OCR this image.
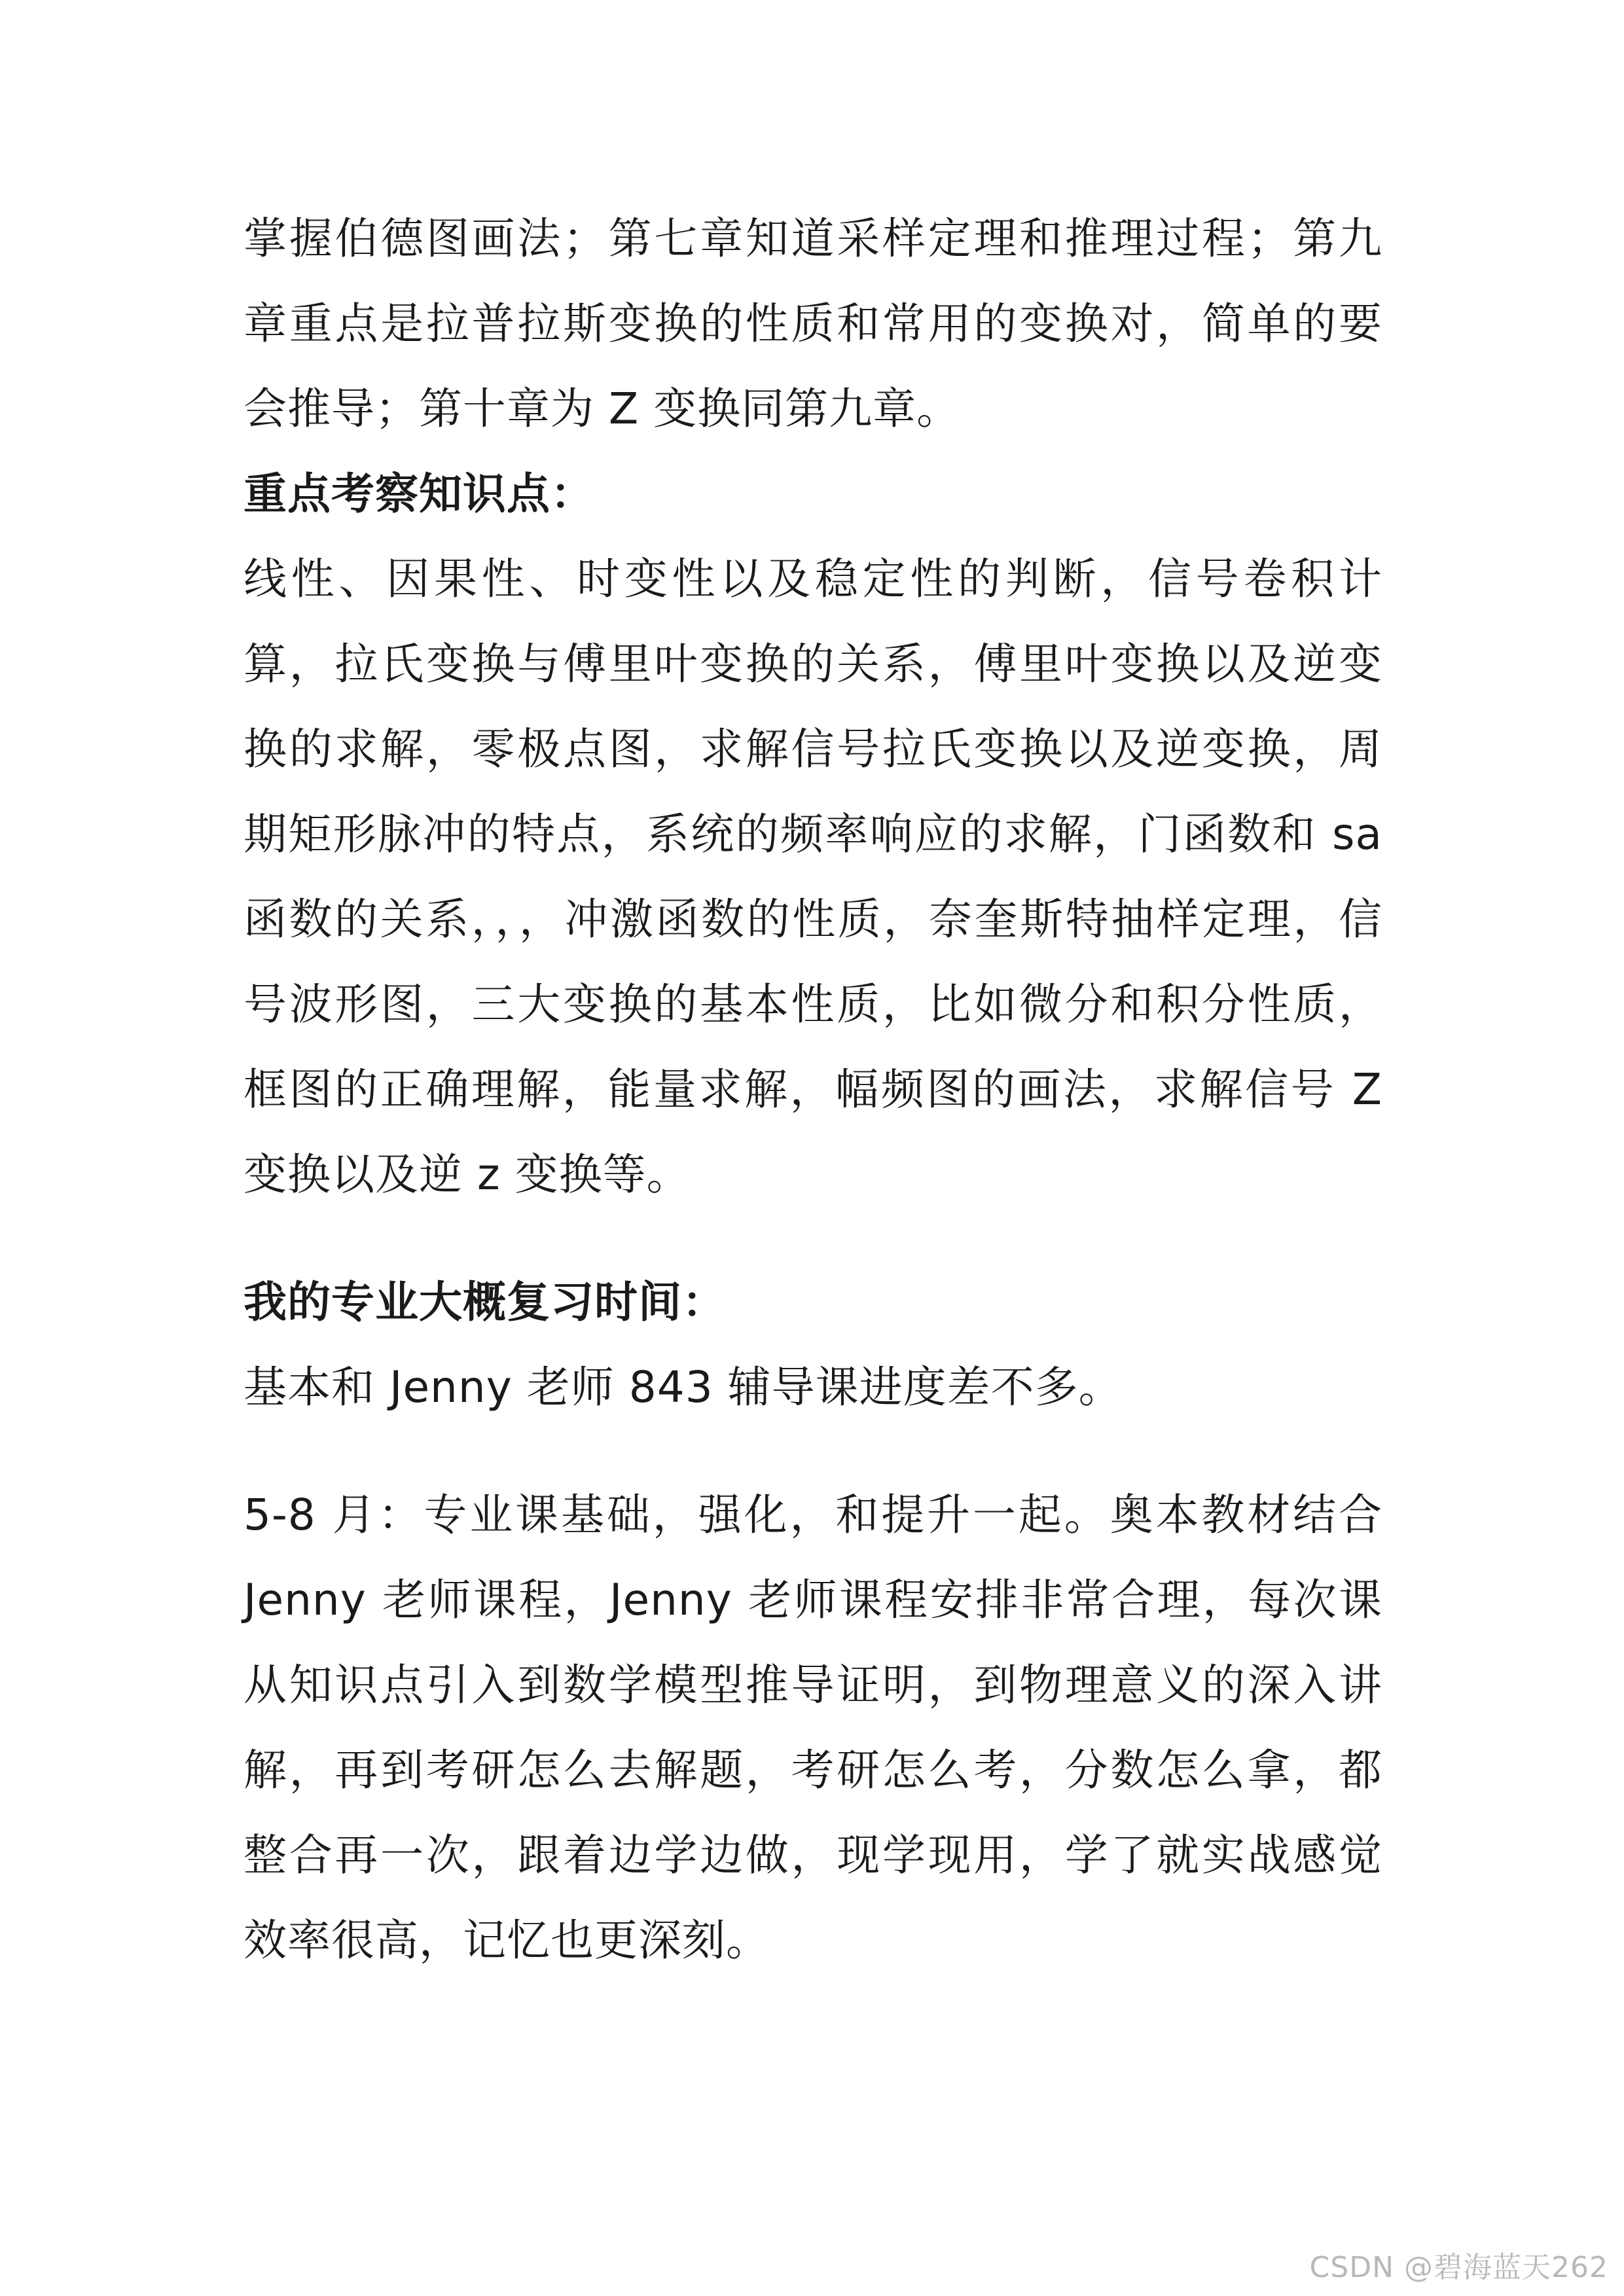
掌握伯德图画法；第七章知道采样定理和推理过程；第九章重点是拉普拉斯变换的性质和常用的变换对，简单的要会推导；第十章为 Z 变换同第九章。

重点考察知识点：

线性、因果性、时变性以及稳定性的判断，信号卷积计算，拉氏变换与傅里叶变换的关系，傅里叶变换以及逆变换的求解，零极点图，求解信号拉氏变换以及逆变换，周期矩形脉冲的特点，系统的频率响应的求解，门函数和 sa 函数的关系，，，冲激函数的性质，奈奎斯特抽样定理，信号波形图，三大变换的基本性质，比如微分和积分性质，框图的正确理解，能量求解，幅频图的画法，求解信号 Z 变换以及逆 z 变换等。

我的专业大概复习时间：

基本和 Jenny 老师 843 辅导课进度差不多。

5-8 月：专业课基础，强化，和提升一起。奥本教材结合 Jenny 老师课程，Jenny 老师课程安排非常合理，每次课从知识点引入到数学模型推导证明，到物理意义的深入讲解，再到考研怎么去解题，考研怎么考，分数怎么拿，都整合再一次，跟着边学边做，现学现用，学了就实战感觉效率很高，记忆也更深刻。

CSDN @碧海蓝天262
